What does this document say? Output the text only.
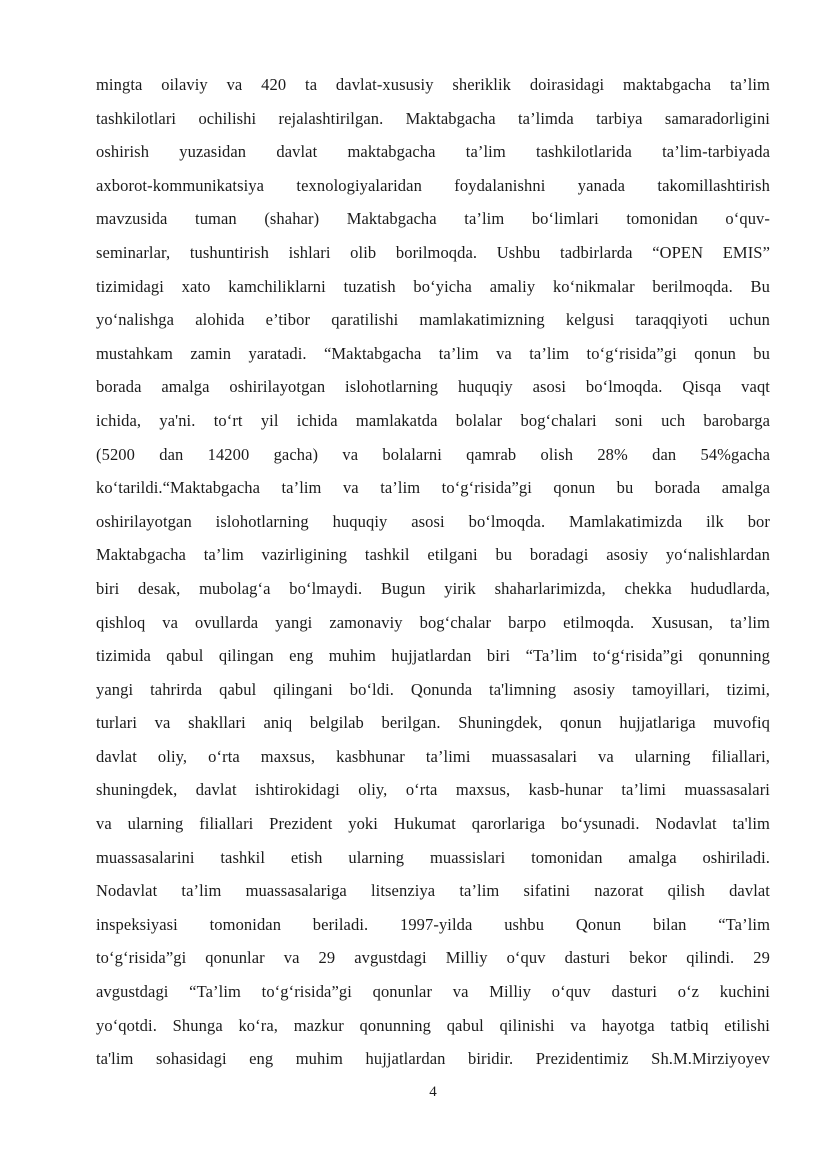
mingta oilaviy va 420 ta davlat-xususiy sheriklik doirasidagi maktabgacha ta’lim
tashkilotlari ochilishi rejalashtirilgan. Maktabgacha ta’limda tarbiya samaradorligini
oshirish yuzasidan davlat maktabgacha ta’lim tashkilotlarida ta’lim-tarbiyada
axborot-kommunikatsiya texnologiyalaridan foydalanishni yanada takomillashtirish
mavzusida tuman (shahar) Maktabgacha ta’lim bo‘limlari tomonidan o‘quv-
seminarlar, tushuntirish ishlari olib borilmoqda. Ushbu tadbirlarda “OPEN EMIS”
tizimidagi xato kamchiliklarni tuzatish bo‘yicha amaliy ko‘nikmalar berilmoqda. Bu
yo‘nalishga alohida e’tibor qaratilishi mamlakatimizning kelgusi taraqqiyoti uchun
mustahkam zamin yaratadi. “Maktabgacha ta’lim va ta’lim to‘g‘risida”gi qonun bu
borada amalga oshirilayotgan islohotlarning huquqiy asosi bo‘lmoqda. Qisqa vaqt
ichida, ya'ni. to‘rt yil ichida mamlakatda bolalar bog‘chalari soni uch barobarga
(5200 dan 14200 gacha) va bolalarni qamrab olish 28% dan 54%gacha
ko‘tarildi.“Maktabgacha ta’lim va ta’lim to‘g‘risida”gi qonun bu borada amalga
oshirilayotgan islohotlarning huquqiy asosi bo‘lmoqda. Mamlakatimizda ilk bor
Maktabgacha ta’lim vazirligining tashkil etilgani bu boradagi asosiy yo‘nalishlardan
biri desak, mubolag‘a bo‘lmaydi. Bugun yirik shaharlarimizda, chekka hududlarda,
qishloq va ovullarda yangi zamonaviy bog‘chalar barpo etilmoqda. Xususan, ta’lim
tizimida qabul qilingan eng muhim hujjatlardan biri “Ta’lim to‘g‘risida”gi qonunning
yangi tahrirda qabul qilingani bo‘ldi. Qonunda ta'limning asosiy tamoyillari, tizimi,
turlari va shakllari aniq belgilab berilgan. Shuningdek, qonun hujjatlariga muvofiq
davlat oliy, o‘rta maxsus, kasbhunar ta’limi muassasalari va ularning filiallari,
shuningdek, davlat ishtirokidagi oliy, o‘rta maxsus, kasb-hunar ta’limi muassasalari
va ularning filiallari Prezident yoki Hukumat qarorlariga bo‘ysunadi. Nodavlat ta'lim
muassasalarini tashkil etish ularning muassislari tomonidan amalga oshiriladi.
Nodavlat ta’lim muassasalariga litsenziya ta’lim sifatini nazorat qilish davlat
inspeksiyasi tomonidan beriladi. 1997-yilda ushbu Qonun bilan “Ta’lim
to‘g‘risida”gi qonunlar va 29 avgustdagi Milliy o‘quv dasturi bekor qilindi. 29
avgustdagi “Ta’lim to‘g‘risida”gi qonunlar va Milliy o‘quv dasturi o‘z kuchini
yo‘qotdi. Shunga ko‘ra, mazkur qonunning qabul qilinishi va hayotga tatbiq etilishi
ta'lim sohasidagi eng muhim hujjatlardan biridir. Prezidentimiz Sh.M.Mirziyoyev
4
